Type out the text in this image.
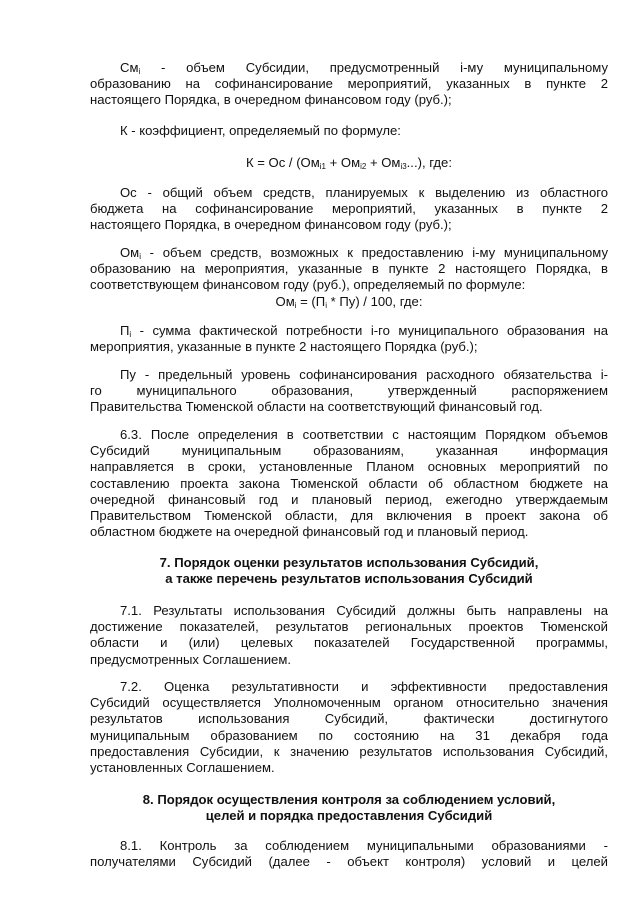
$См_i$ - объем Субсидии, предусмотренный i-му муниципальному
образованию на софинансирование мероприятий, указанных в пункте 2
настоящего Порядка, в очередном финансовом году (руб.);
К - коэффициент, определяемый по формуле:
К = Ос / $(Ом_{i1} + Ом_{i2} + Ом_{i3}...)$, где:
Ос - общий объем средств, планируемых к выделению из областного
бюджета на софинансирование мероприятий, указанных в пункте 2
настоящего Порядка, в очередном финансовом году (руб.);
$Ом_i$ - объем средств, возможных к предоставлению i-му муниципальному
образованию на мероприятия, указанные в пункте 2 настоящего Порядка, в
соответствующем финансовом году (руб.), определяемый по формуле:
$Ом_i = (П_i * Пу) / 100$, где:
$П_i$ - сумма фактической потребности i-го муниципального образования на
мероприятия, указанные в пункте 2 настоящего Порядка (руб.);
Пу - предельный уровень софинансирования расходного обязательства i-
го муниципального образования, утвержденный распоряжением
Правительства Тюменской области на соответствующий финансовый год.
6.3. После определения в соответствии с настоящим Порядком объемов
Субсидий муниципальным образованиям, указанная информация
направляется в сроки, установленные Планом основных мероприятий по
составлению проекта закона Тюменской области об областном бюджете на
очередной финансовый год и плановый период, ежегодно утверждаемым
Правительством Тюменской области, для включения в проект закона об
областном бюджете на очередной финансовый год и плановый период.
7. Порядок оценки результатов использования Субсидий,
а также перечень результатов использования Субсидий
7.1. Результаты использования Субсидий должны быть направлены на
достижение показателей, результатов региональных проектов Тюменской
области и (или) целевых показателей Государственной программы,
предусмотренных Соглашением.
7.2. Оценка результативности и эффективности предоставления
Субсидий осуществляется Уполномоченным органом относительно значения
результатов использования Субсидий, фактически достигнутого
муниципальным образованием по состоянию на 31 декабря года
предоставления Субсидии, к значению результатов использования Субсидий,
установленных Соглашением.
8. Порядок осуществления контроля за соблюдением условий,
целей и порядка предоставления Субсидий
8.1. Контроль за соблюдением муниципальными образованиями -
получателями Субсидий (далее - объект контроля) условий и целей
